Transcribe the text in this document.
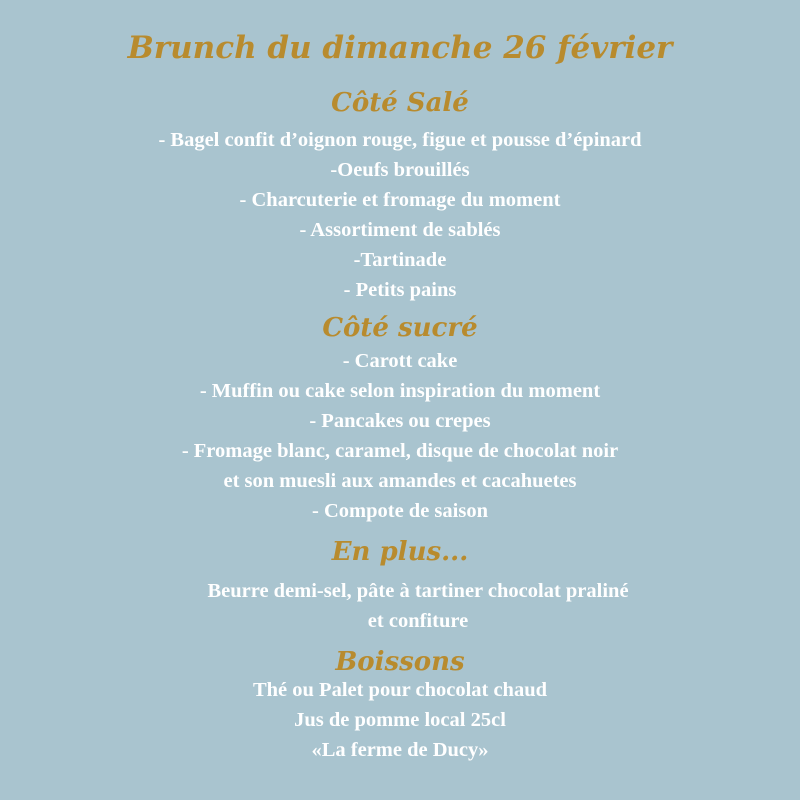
Brunch du dimanche 26 février
Côté Salé
- Bagel confit d’oignon rouge, figue et pousse d’épinard
-Oeufs brouillés
- Charcuterie et fromage du moment
- Assortiment de sablés
-Tartinade
- Petits pains
Côté sucré
- Carott cake
- Muffin ou cake selon inspiration du moment
- Pancakes ou crepes
- Fromage blanc, caramel, disque de chocolat noir
et son muesli aux amandes et cacahuetes
- Compote de saison
En plus...
Beurre demi-sel, pâte à tartiner chocolat praliné
et confiture
Boissons
Thé ou Palet pour chocolat chaud
Jus de pomme local 25cl
«La ferme de Ducy»
